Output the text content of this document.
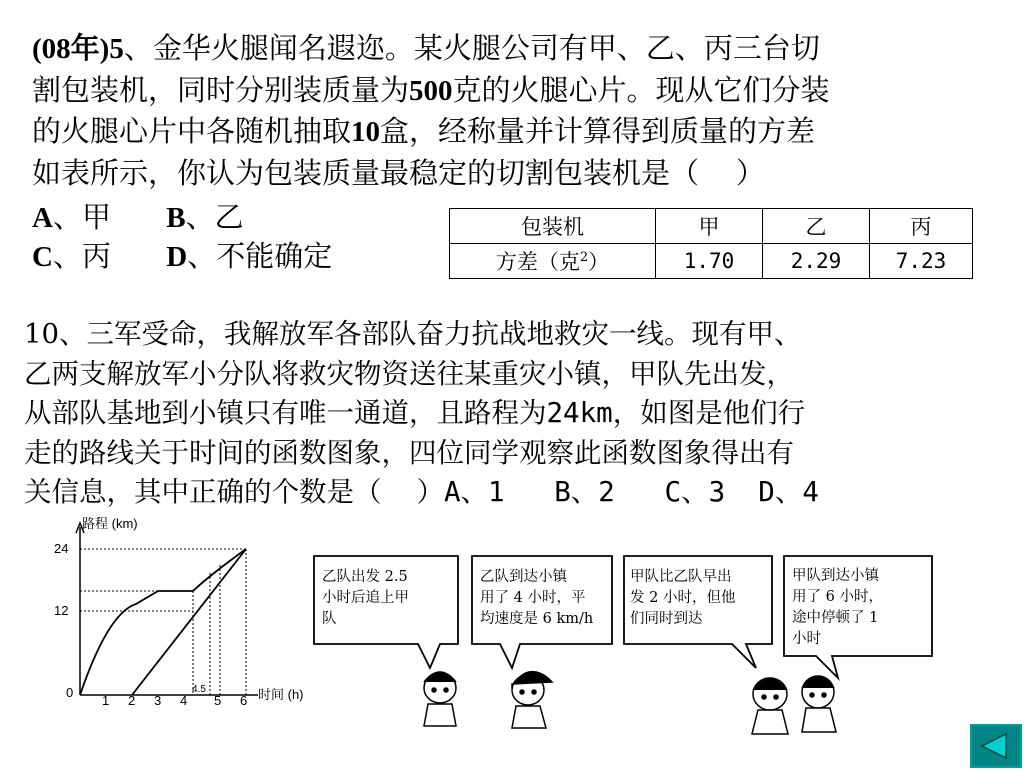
(08年)5、金华火腿闻名遐迩。某火腿公司有甲、乙、丙三台切
割包装机，同时分别装质量为500克的火腿心片。现从它们分装
的火腿心片中各随机抽取10盒，经称量并计算得到质量的方差
如表所示，你认为包装质量最稳定的切割包装机是（    ）
A、甲 B、乙
C、丙 D、不能确定
包装机	甲	乙	丙
方差（克$^2$）	1.70	2.29	7.23
10、三军受命，我解放军各部队奋力抗战地救灾一线。现有甲、
乙两支解放军小分队将救灾物资送往某重灾小镇，甲队先出发，
从部队基地到小镇只有唯一通道，且路程为24km，如图是他们行
走的路线关于时间的函数图象，四位同学观察此函数图象得出有
关信息，其中正确的个数是（    ）A、1   B、2   C、3  D、4
路程 (km)
24
12
0
1 2 3 4
4.5
5 6 时间 (h)
乙队出发 2.5
小时后追上甲
队
乙队到达小镇
用了 4 小时，平
均速度是 6 km/h
甲队比乙队早出
发 2 小时，但他
们同时到达
甲队到达小镇
用了 6 小时，
途中停顿了 1
小时
